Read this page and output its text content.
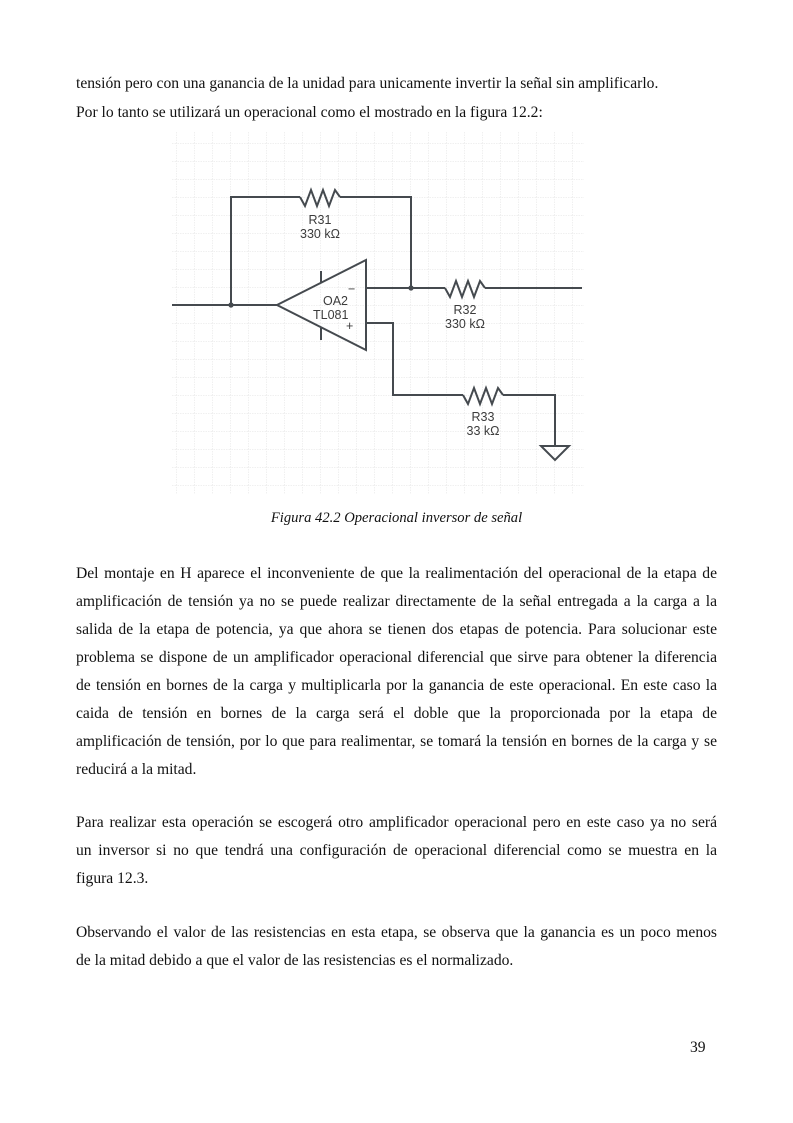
tensión pero con una ganancia de la unidad para unicamente invertir la señal sin amplificarlo.
Por lo tanto se utilizará un operacional como el mostrado en la figura 12.2:
−
+
OA2
TL081
R31
330 kΩ
R32
330 kΩ
R33
33 kΩ
Figura 42.2 Operacional inversor de señal
Del montaje en H aparece el inconveniente de que la realimentación del operacional de la etapa de
amplificación de tensión ya no se puede realizar directamente de la señal entregada a la carga a la
salida de la etapa de potencia, ya que ahora se tienen dos etapas de potencia. Para solucionar este
problema se dispone de un amplificador operacional diferencial que sirve para obtener la diferencia
de tensión en bornes de la carga y multiplicarla por la ganancia de este operacional. En este caso la
caida de tensión en bornes de la carga será el doble que la proporcionada por la etapa de
amplificación de tensión, por lo que para realimentar, se tomará la tensión en bornes de la carga y se
reducirá a la mitad.
Para realizar esta operación se escogerá otro amplificador operacional pero en este caso ya no será
un inversor si no que tendrá una configuración de operacional diferencial como se muestra en la
figura 12.3.
Observando el valor de las resistencias en esta etapa, se observa que la ganancia es un poco menos
de la mitad debido a que el valor de las resistencias es el normalizado.
39
